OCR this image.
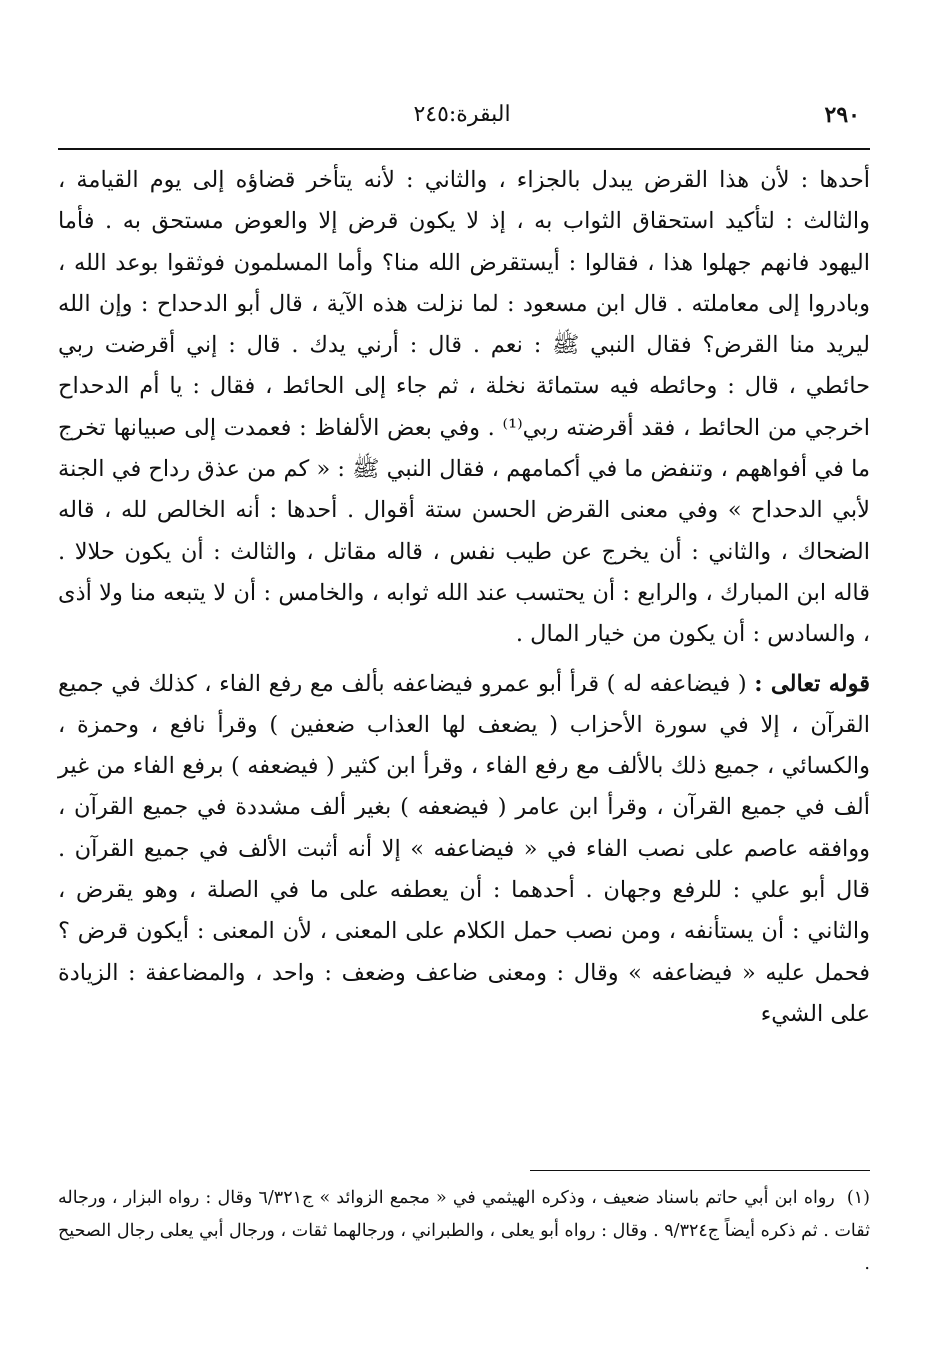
٢٩٠
البقرة:٢٤٥

أحدها : لأن هذا القرض يبدل بالجزاء ، والثاني : لأنه يتأخر قضاؤه إلى يوم القيامة ، والثالث : لتأكيد استحقاق الثواب به ، إذ لا يكون قرض إلا والعوض مستحق به . فأما اليهود فانهم جهلوا هذا ، فقالوا : أيستقرض الله منا؟ وأما المسلمون فوثقوا بوعد الله ، وبادروا إلى معاملته . قال ابن مسعود : لما نزلت هذه الآية ، قال أبو الدحداح : وإن الله ليريد منا القرض؟ فقال النبي ﷺ : نعم . قال : أرني يدك . قال : إني أقرضت ربي حائطي ، قال : وحائطه فيه ستمائة نخلة ، ثم جاء إلى الحائط ، فقال : يا أم الدحداح اخرجي من الحائط ، فقد أقرضته ربي⁽¹⁾ . وفي بعض الألفاظ : فعمدت إلى صبيانها تخرج ما في أفواههم ، وتنفض ما في أكمامهم ، فقال النبي ﷺ : « كم من عذق رداح في الجنة لأبي الدحداح » وفي معنى القرض الحسن ستة أقوال . أحدها : أنه الخالص لله ، قاله الضحاك ، والثاني : أن يخرج عن طيب نفس ، قاله مقاتل ، والثالث : أن يكون حلالا . قاله ابن المبارك ، والرابع : أن يحتسب عند الله ثوابه ، والخامس : أن لا يتبعه منا ولا أذى ، والسادس : أن يكون من خيار المال .

قوله تعالى : ( فيضاعفه له ) قرأ أبو عمرو فيضاعفه بألف مع رفع الفاء ، كذلك في جميع القرآن ، إلا في سورة الأحزاب ( يضعف لها العذاب ضعفين ) وقرأ نافع ، وحمزة ، والكسائي ، جميع ذلك بالألف مع رفع الفاء ، وقرأ ابن كثير ( فيضعفه ) برفع الفاء من غير ألف في جميع القرآن ، وقرأ ابن عامر ( فيضعفه ) بغير ألف مشددة في جميع القرآن ، ووافقه عاصم على نصب الفاء في « فيضاعفه » إلا أنه أثبت الألف في جميع القرآن . قال أبو علي : للرفع وجهان . أحدهما : أن يعطفه على ما في الصلة ، وهو يقرض ، والثاني : أن يستأنفه ، ومن نصب حمل الكلام على المعنى ، لأن المعنى : أيكون قرض ؟ فحمل عليه « فيضاعفه » وقال : ومعنى ضاعف وضعف : واحد ، والمضاعفة : الزيادة على الشيء

(١) رواه ابن أبي حاتم باسناد ضعيف ، وذكره الهيثمي في « مجمع الزوائد » ج٦/٣٢١ وقال : رواه البزار ، ورجاله ثقات . ثم ذكره أيضاً ج٩/٣٢٤ . وقال : رواه أبو يعلى ، والطبراني ، ورجالهما ثقات ، ورجال أبي يعلى رجال الصحيح .
